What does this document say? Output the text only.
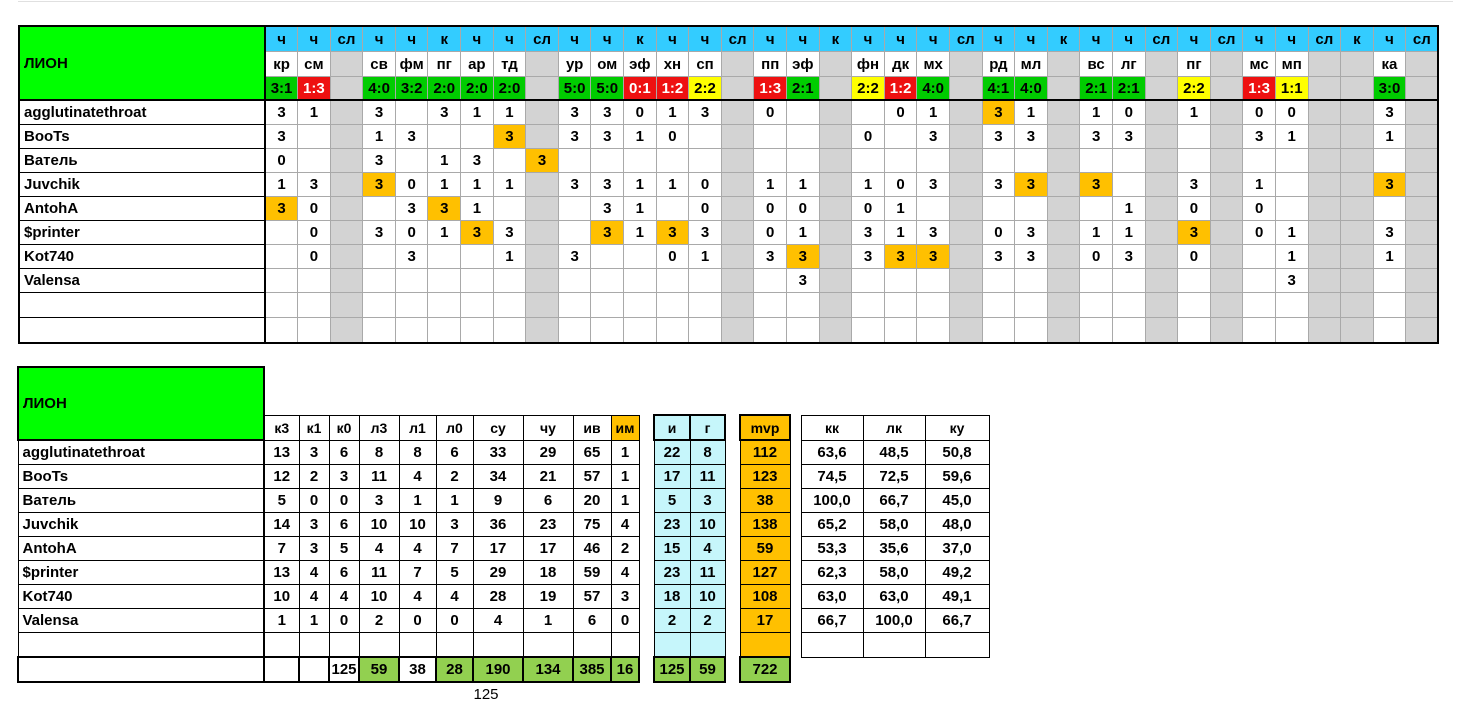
ЛИОН	ч	ч	сл	ч	ч	к	ч	ч	сл	ч	ч	к	ч	ч	сл	ч	ч	к	ч	ч	ч	сл	ч	ч	к	ч	ч	сл	ч	сл	ч	ч	сл	к	ч	сл
	кр	см		св	фм	пг	ар	тд		ур	ом	эф	хн	сп		пп	эф		фн	дк	мх		рд	мл		вс	лг		пг		мс	мп			ка	
	3:1	1:3		4:0	3:2	2:0	2:0	2:0		5:0	5:0	0:1	1:2	2:2		1:3	2:1		2:2	1:2	4:0		4:1	4:0		2:1	2:1		2:2		1:3	1:1			3:0	
agglutinatethroat	3	1		3		3	1	1		3	3	0	1	3		0				0	1		3	1		1	0		1		0	0			3	
BooTs	3			1	3			3		3	3	1	0						0		3		3	3		3	3				3	1			1	
Ватель	0			3		1	3		3																											
Juvchik	1	3		3	0	1	1	1		3	3	1	1	0		1	1		1	0	3		3	3		3			3		1				3	
AntohA	3	0			3	3	1				3	1		0		0	0		0	1							1		0		0					
$printer		0		3	0	1	3	3			3	1	3	3		0	1		3	1	3		0	3		1	1		3		0	1			3	
Kot740		0			3			1		3			0	1		3	3		3	3	3		3	3		0	3		0			1			1	
Valensa																	3															3				

ЛИОН																			

	к3	к1	к0	л3	л1	л0	су	чу	ив	им		и	г		mvp		кк	лк	ку
agglutinatethroat	13	3	6	8	8	6	33	29	65	1		22	8		112		63,6	48,5	50,8
BooTs	12	2	3	11	4	2	34	21	57	1		17	11		123		74,5	72,5	59,6
Ватель	5	0	0	3	1	1	9	6	20	1		5	3		38		100,0	66,7	45,0
Juvchik	14	3	6	10	10	3	36	23	75	4		23	10		138		65,2	58,0	48,0
AntohA	7	3	5	4	4	7	17	17	46	2		15	4		59		53,3	35,6	37,0
$printer	13	4	6	11	7	5	29	18	59	4		23	11		127		62,3	58,0	49,2
Kot740	10	4	4	10	4	4	28	19	57	3		18	10		108		63,0	63,0	49,1
Valensa	1	1	0	2	0	0	4	1	6	0		2	2		17		66,7	100,0	66,7

			125	59	38	28	190	134	385	16		125	59		722				
125
